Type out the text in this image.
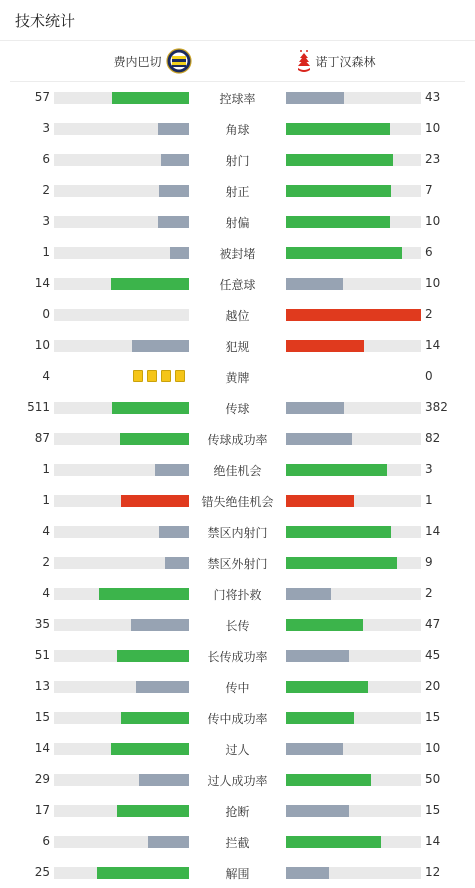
技术统计
费内巴切	诺丁汉森林
57	控球率	43
3	角球	10
6	射门	23
2	射正	7
3	射偏	10
1	被封堵	6
14	任意球	10
0	越位	2
10	犯规	14
4	黄牌	0
511	传球	382
87	传球成功率	82
1	绝佳机会	3
1	错失绝佳机会	1
4	禁区内射门	14
2	禁区外射门	9
4	门将扑救	2
35	长传	47
51	长传成功率	45
13	传中	20
15	传中成功率	15
14	过人	10
29	过人成功率	50
17	抢断	15
6	拦截	14
25	解围	12
